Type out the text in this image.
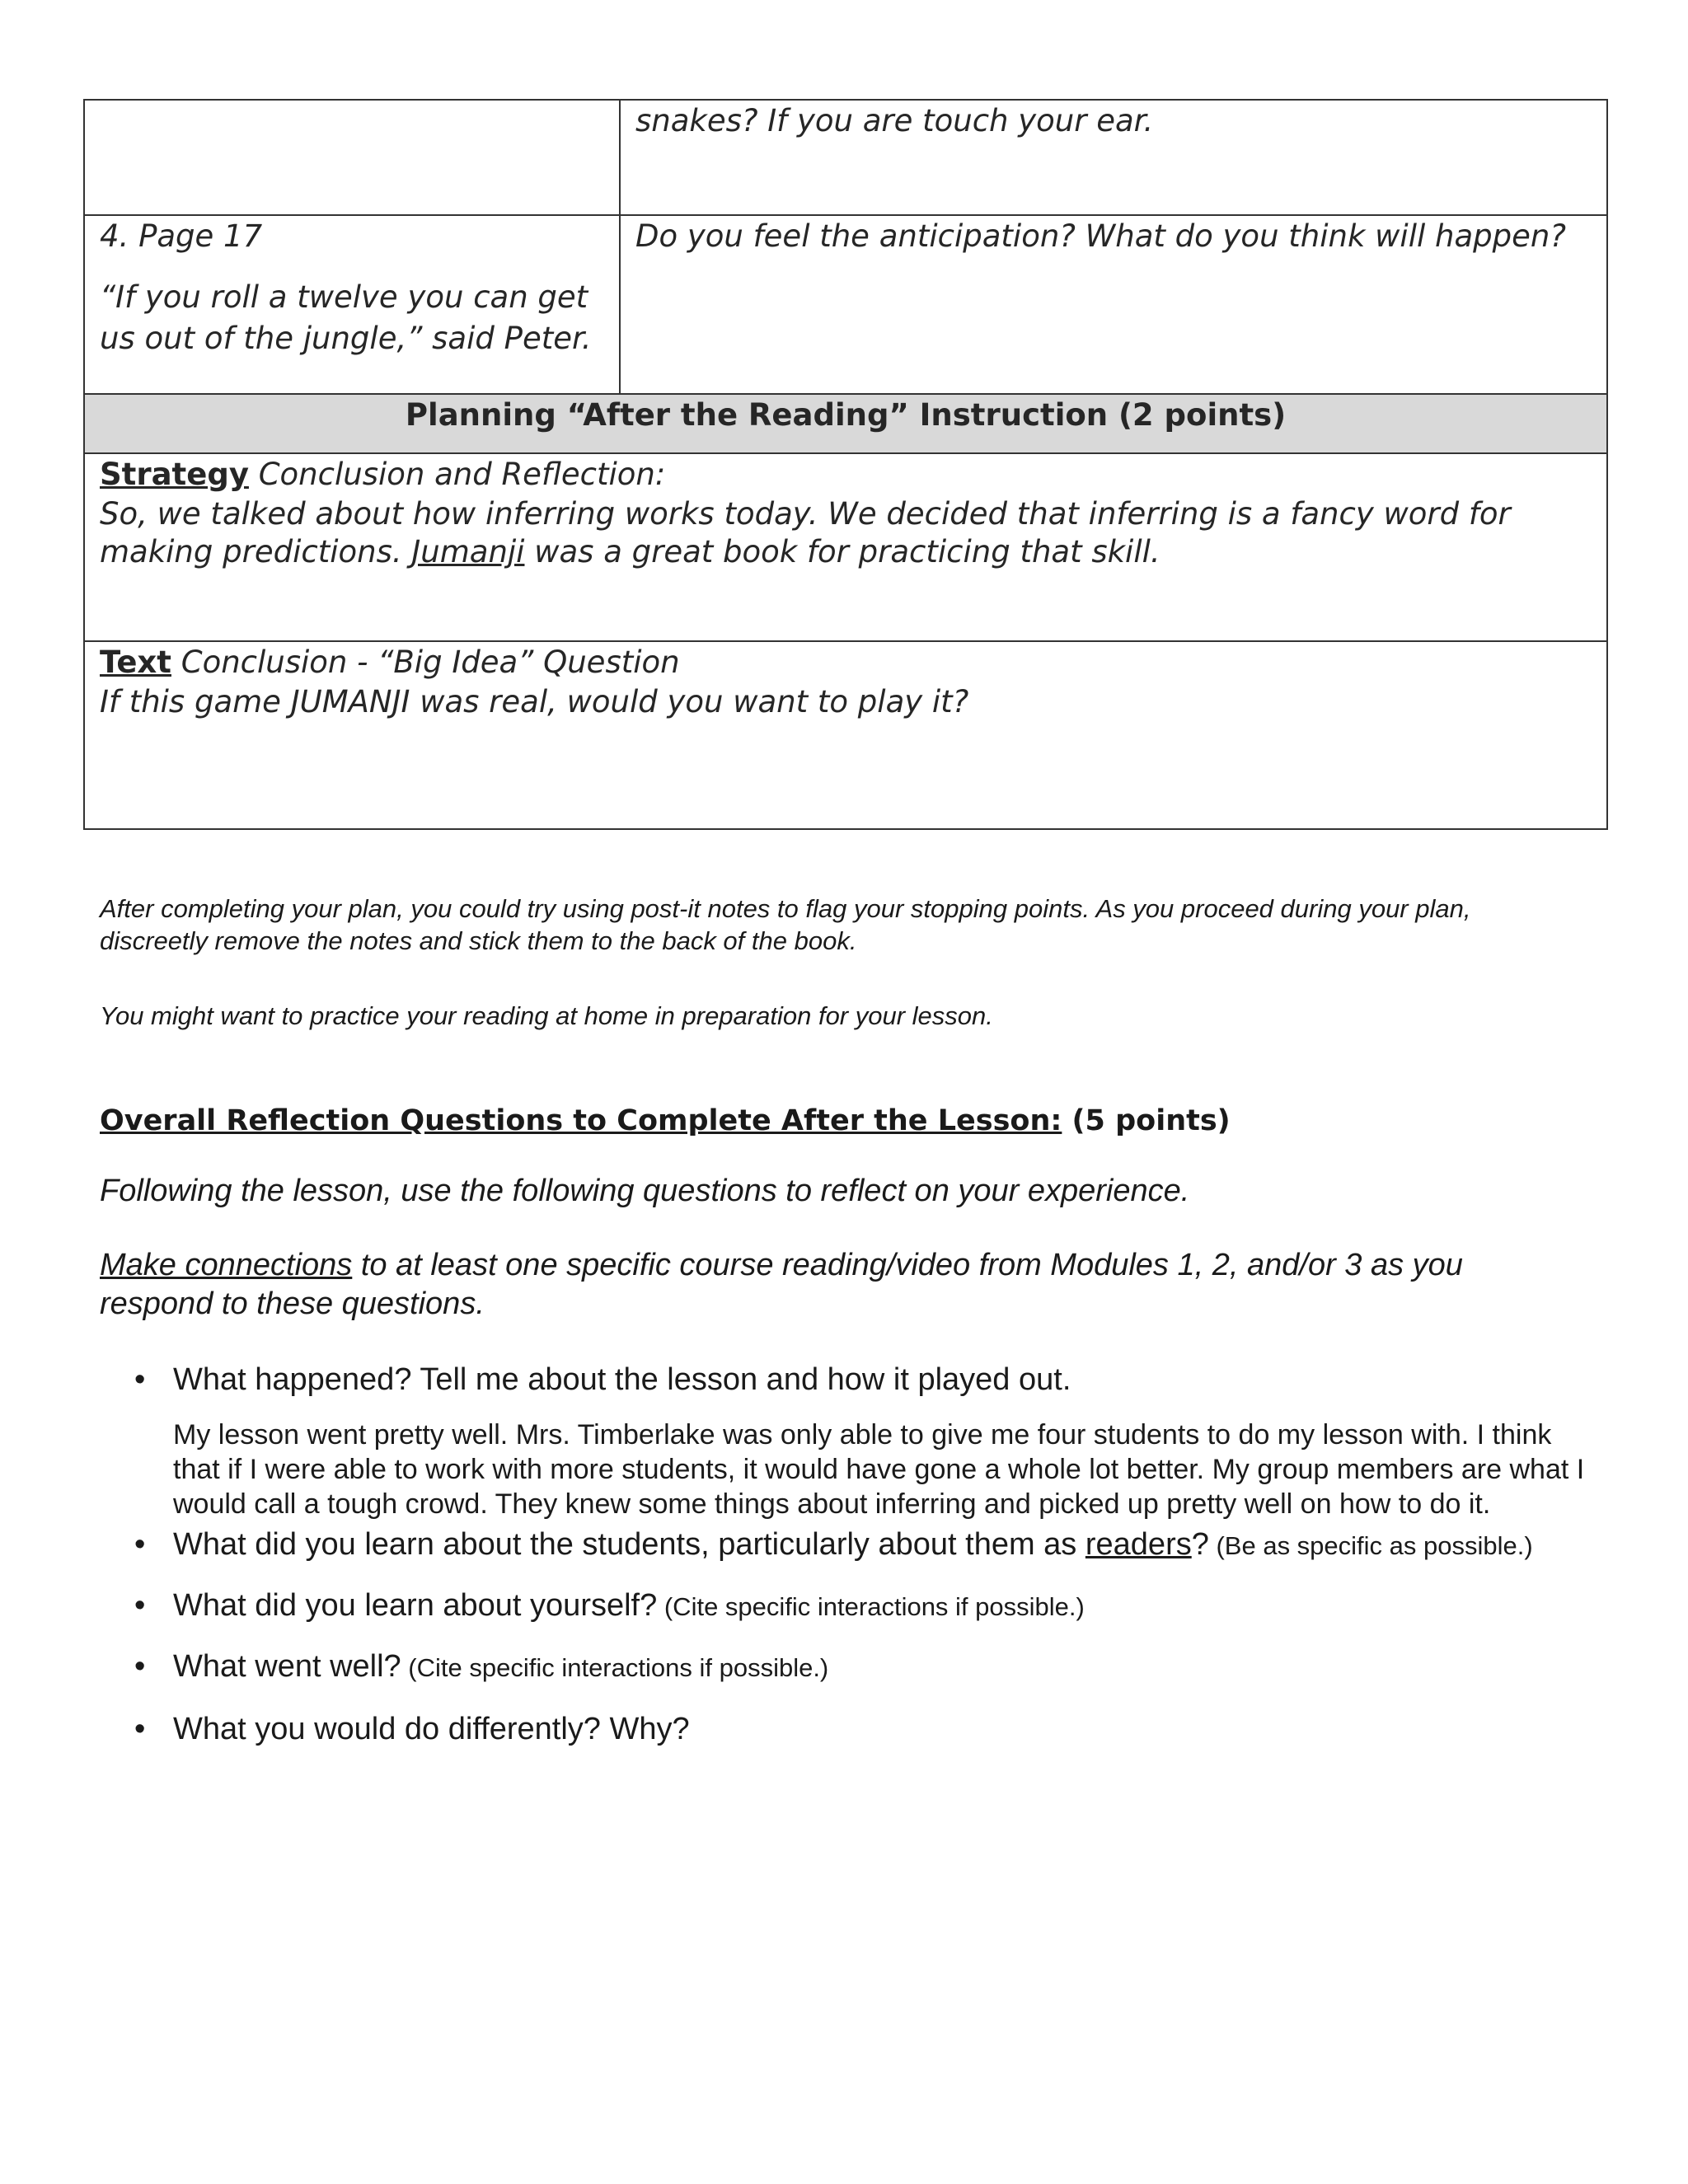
	snakes? If you are touch your ear.

4. Page 17

“If you roll a twelve you can get us out of the jungle,” said Peter.	Do you feel the anticipation? What do you think will happen?
Planning “After the Reading” Instruction (2 points)	

Strategy Conclusion and Reflection:

So, we talked about how inferring works today. We decided that inferring is a fancy word for making predictions. Jumanji was a great book for practicing that skill.	

Text Conclusion - “Big Idea” Question

If this game JUMANJI was real, would you want to play it?	

After completing your plan, you could try using post-it notes to flag your stopping points. As you proceed during your plan, discreetly remove the notes and stick them to the back of the book.

You might want to practice your reading at home in preparation for your lesson.

Overall Reflection Questions to Complete After the Lesson: (5 points)

Following the lesson, use the following questions to reflect on your experience.

Make connections to at least one specific course reading/video from Modules 1, 2, and/or 3 as you respond to these questions.

• What happened? Tell me about the lesson and how it played out.

My lesson went pretty well. Mrs. Timberlake was only able to give me four students to do my lesson with. I think that if I were able to work with more students, it would have gone a whole lot better. My group members are what I would call a tough crowd. They knew some things about inferring and picked up pretty well on how to do it.

• What did you learn about the students, particularly about them as readers? (Be as specific as possible.)
• What did you learn about yourself? (Cite specific interactions if possible.)
• What went well? (Cite specific interactions if possible.)
• What you would do differently? Why?
